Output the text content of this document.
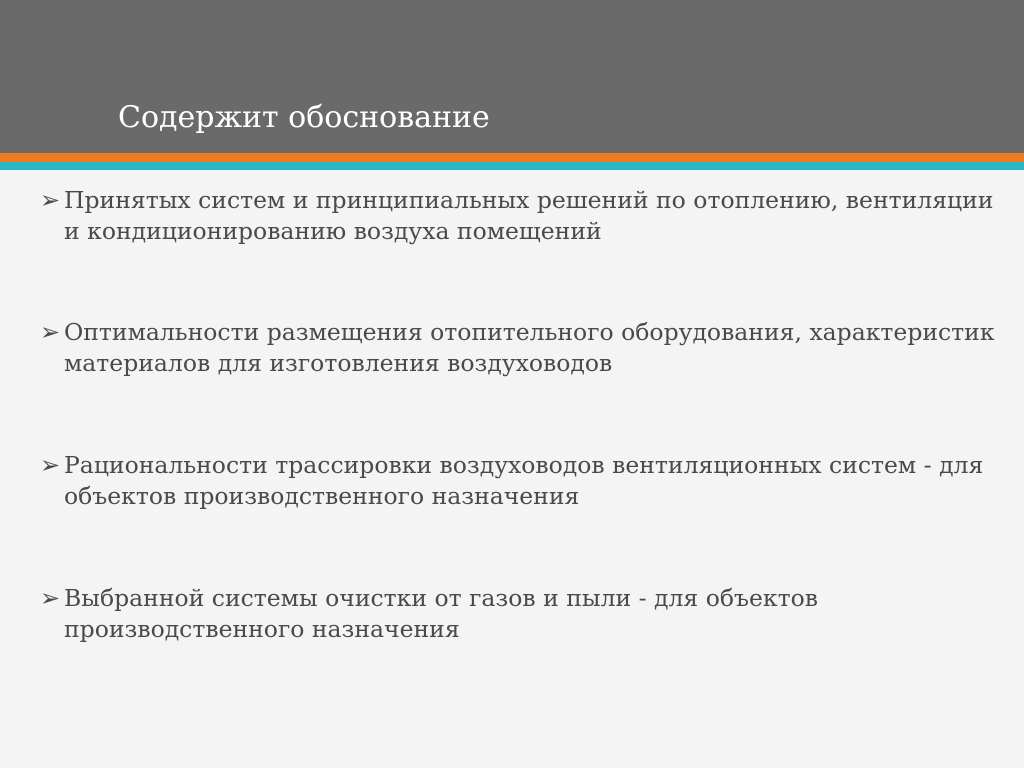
Содержит обоснование
➢ Принятых систем и принципиальных решений по отоплению, вентиляции и кондиционированию воздуха помещений
➢ Оптимальности размещения отопительного оборудования, характеристик материалов для изготовления воздуховодов
➢ Рациональности трассировки воздуховодов вентиляционных систем - для объектов производственного назначения
➢ Выбранной системы очистки от газов и пыли - для объектов производственного назначения
